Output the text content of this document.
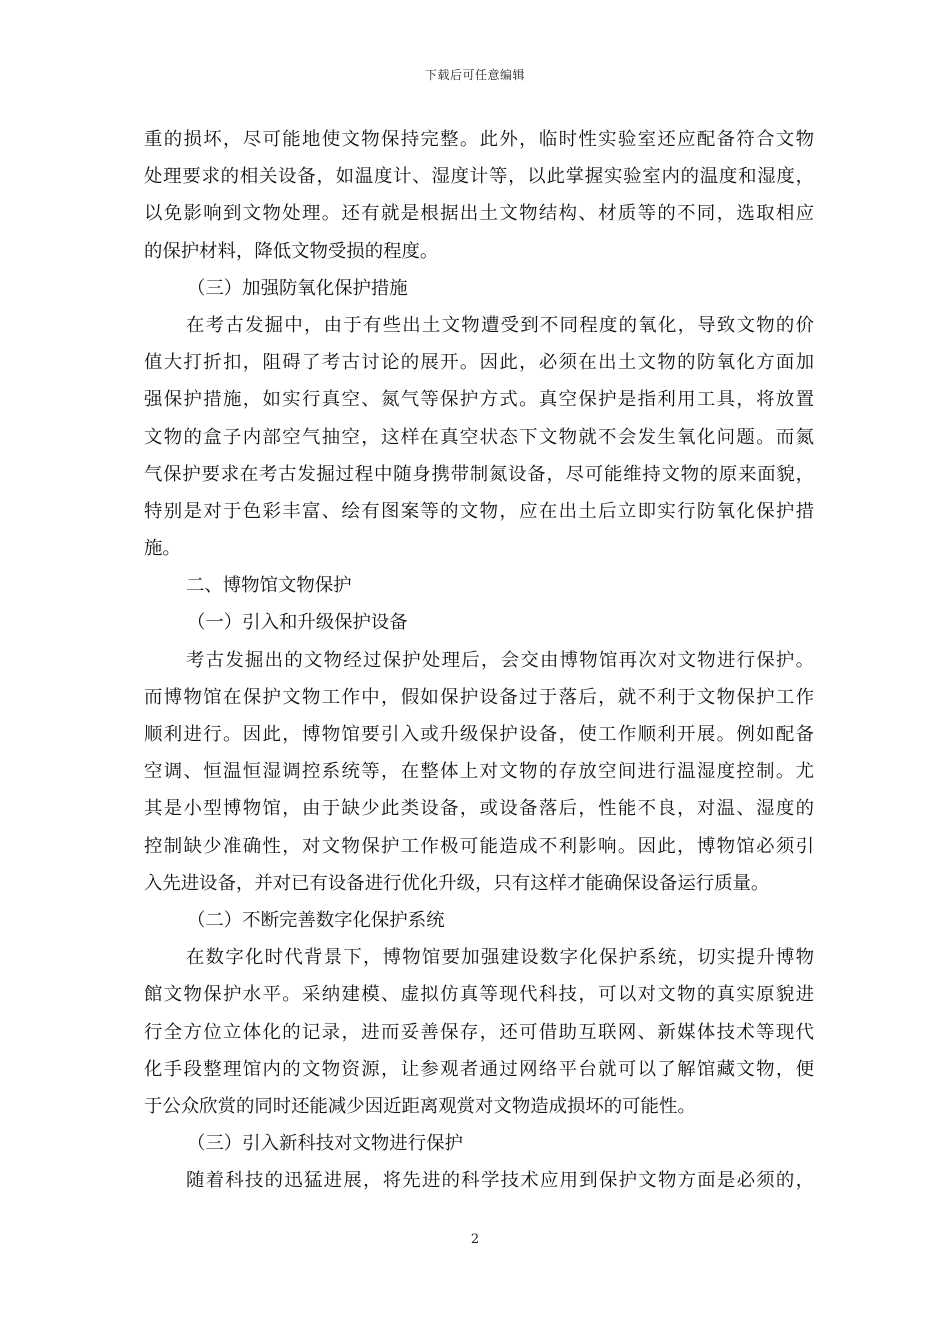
下载后可任意编辑
重的损坏，尽可能地使文物保持完整。此外，临时性实验室还应配备符合文物
处理要求的相关设备，如温度计、湿度计等，以此掌握实验室内的温度和湿度，
以免影响到文物处理。还有就是根据出土文物结构、材质等的不同，选取相应
的保护材料，降低文物受损的程度。
（三）加强防氧化保护措施
在考古发掘中，由于有些出土文物遭受到不同程度的氧化，导致文物的价
值大打折扣，阻碍了考古讨论的展开。因此，必须在出土文物的防氧化方面加
强保护措施，如实行真空、氮气等保护方式。真空保护是指利用工具，将放置
文物的盒子内部空气抽空，这样在真空状态下文物就不会发生氧化问题。而氮
气保护要求在考古发掘过程中随身携带制氮设备，尽可能维持文物的原来面貌，
特别是对于色彩丰富、绘有图案等的文物，应在出土后立即实行防氧化保护措
施。
二、博物馆文物保护
（一）引入和升级保护设备
考古发掘出的文物经过保护处理后，会交由博物馆再次对文物进行保护。
而博物馆在保护文物工作中，假如保护设备过于落后，就不利于文物保护工作
顺利进行。因此，博物馆要引入或升级保护设备，使工作顺利开展。例如配备
空调、恒温恒湿调控系统等，在整体上对文物的存放空间进行温湿度控制。尤
其是小型博物馆，由于缺少此类设备，或设备落后，性能不良，对温、湿度的
控制缺少准确性，对文物保护工作极可能造成不利影响。因此，博物馆必须引
入先进设备，并对已有设备进行优化升级，只有这样才能确保设备运行质量。
（二）不断完善数字化保护系统
在数字化时代背景下，博物馆要加强建设数字化保护系统，切实提升博物
館文物保护水平。采纳建模、虚拟仿真等现代科技，可以对文物的真实原貌进
行全方位立体化的记录，进而妥善保存，还可借助互联网、新媒体技术等现代
化手段整理馆内的文物资源，让参观者通过网络平台就可以了解馆藏文物，便
于公众欣赏的同时还能减少因近距离观赏对文物造成损坏的可能性。
（三）引入新科技对文物进行保护
随着科技的迅猛进展，将先进的科学技术应用到保护文物方面是必须的，
2
